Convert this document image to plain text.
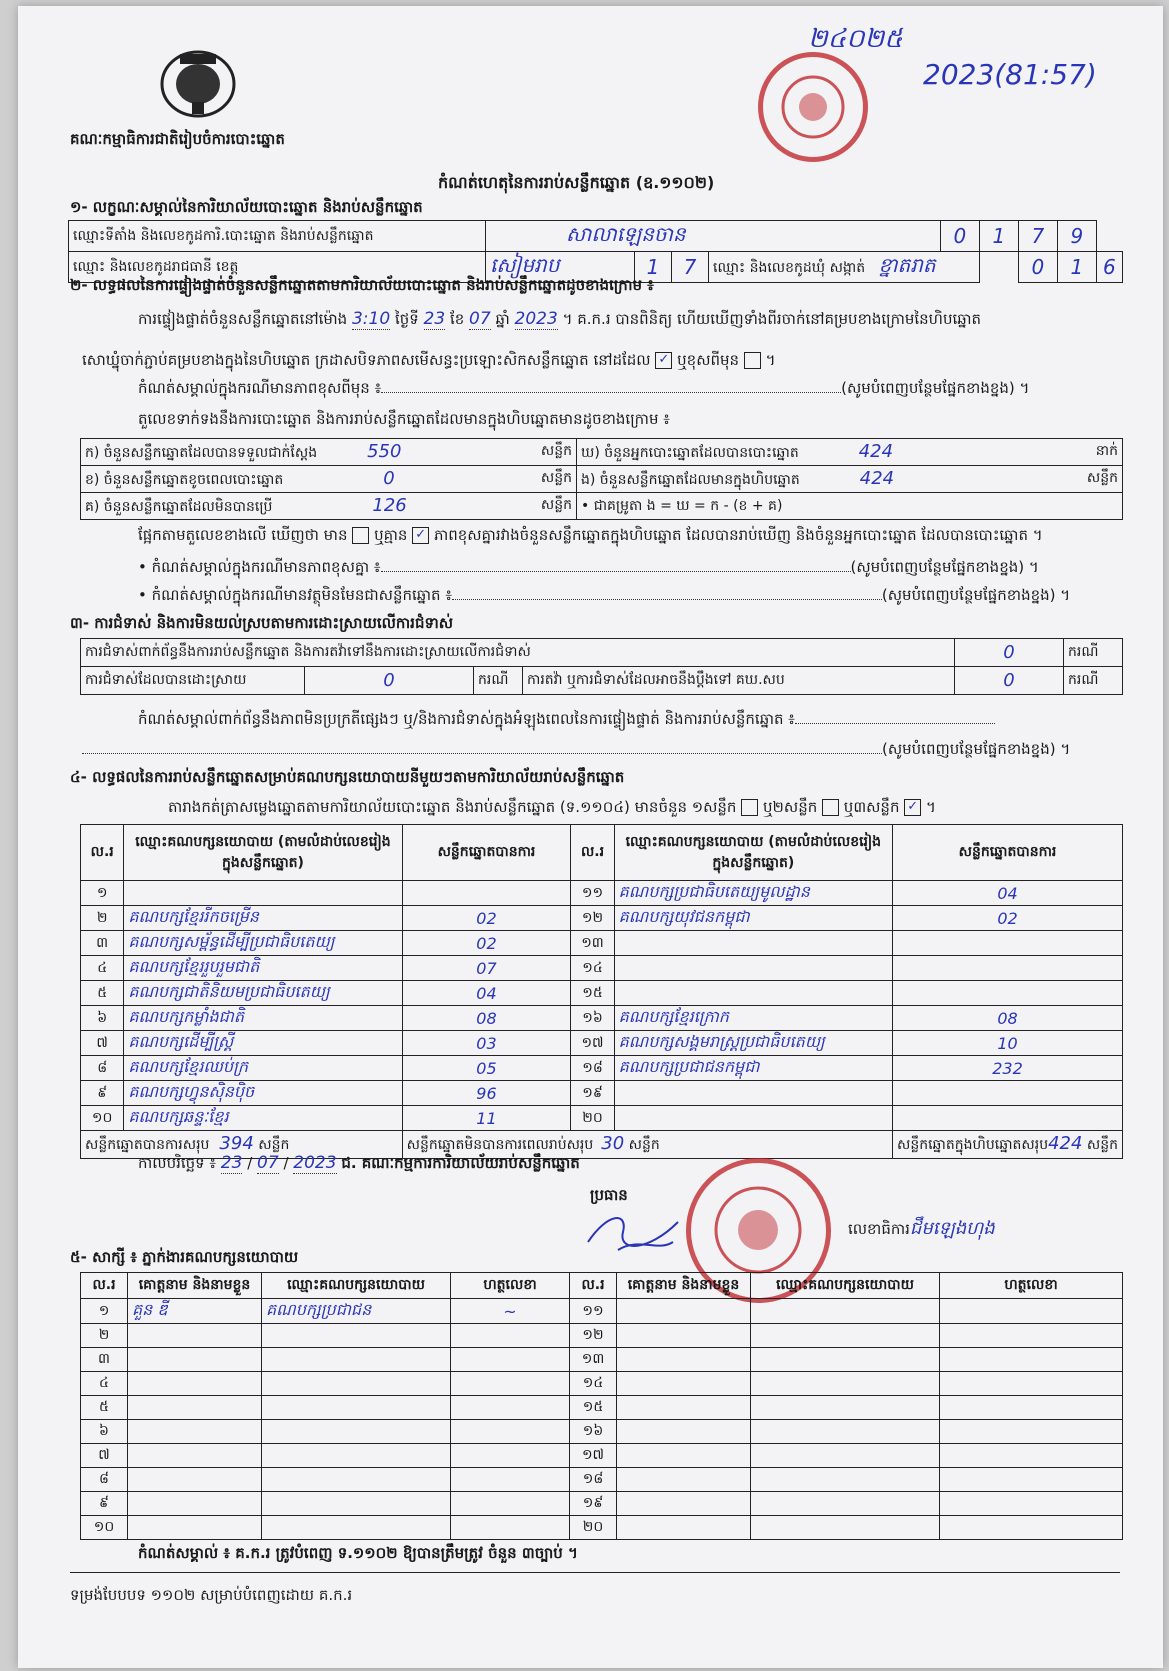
គណៈកម្មាធិការជាតិរៀបចំការបោះឆ្នោត
២៤០២៥
2023(81:57)
កំណត់ហេតុនៃការរាប់សន្លឹកឆ្នោត (ឧ.១១០២)
១- លក្ខណៈសម្គាល់នៃការិយាល័យបោះឆ្នោត និងរាប់សន្លឹកឆ្នោត
ឈ្មោះទីតាំង និងលេខកូដការិ.បោះឆ្នោត និងរាប់សន្លឹកឆ្នោត	សាលាឡេនចាន				0	1	7	9	
ឈ្មោះ និងលេខកូដរាជធានី ខេត្ត	សៀមរាប	1	7	ឈ្មោះ និងលេខកូដឃុំ សង្កាត់ ខ្នាតរាត			0	1	6
២- លទ្ធផលនៃការផ្ទៀងផ្ទាត់ចំនួនសន្លឹកឆ្នោតតាមការិយាល័យបោះឆ្នោត និងរាប់សន្លឹកឆ្នោតដូចខាងក្រោម ៖
ការផ្ទៀងផ្ទាត់ចំនួនសន្លឹកឆ្នោតនៅម៉ោង 3:10 ថ្ងៃទី 23 ខែ 07 ឆ្នាំ 2023 ។ គ.ក.រ បានពិនិត្យ ហើយឃើញទាំងពីរចាក់នៅគម្របខាងក្រោមនៃហិបឆ្នោត
សោឃ្នុំចាក់ភ្ជាប់គម្របខាងក្នុងនៃហិបឆ្នោត ក្រដាសបិទភាពសមើសន្ធះប្រឡោះសិកសន្លឹកឆ្នោត នៅដដែល ✓ ឬខុសពីមុន  ។
កំណត់សម្គាល់ក្នុងករណីមានភាពខុសពីមុន ៖	(សូមបំពេញបន្ថែមផ្នែកខាងខ្នង) ។
តួលេខទាក់ទងនឹងការបោះឆ្នោត និងការរាប់សន្លឹកឆ្នោតដែលមានក្នុងហិបឆ្នោតមានដូចខាងក្រោម ៖
ក) ចំនួនសន្លឹកឆ្នោតដែលបានទទួលជាក់ស្តែង 550 សន្លឹក	ឃ) ចំនួនអ្នកបោះឆ្នោតដែលបានបោះឆ្នោត 424 នាក់

ខ) ចំនួនសន្លឹកឆ្នោតខូចពេលបោះឆ្នោត 0 សន្លឹក	ង) ចំនួនសន្លឹកឆ្នោតដែលមានក្នុងហិបឆ្នោត 424 សន្លឹក

គ) ចំនួនសន្លឹកឆ្នោតដែលមិនបានប្រើ 126 សន្លឹក	• ជាគម្រូតា ង = ឃ = ក - (ខ + គ)
ផ្អែកតាមតួលេខខាងលើ ឃើញថា មាន ឬគ្មាន ✓ ភាពខុសគ្នារវាងចំនួនសន្លឹកឆ្នោតក្នុងហិបឆ្នោត ដែលបានរាប់ឃើញ និងចំនួនអ្នកបោះឆ្នោត ដែលបានបោះឆ្នោត ។
• កំណត់សម្គាល់ក្នុងករណីមានភាពខុសគ្នា ៖	(សូមបំពេញបន្ថែមផ្នែកខាងខ្នង) ។
• កំណត់សម្គាល់ក្នុងករណីមានវត្ថុមិនមែនជាសន្លឹកឆ្នោត ៖	(សូមបំពេញបន្ថែមផ្នែកខាងខ្នង) ។
៣- ការជំទាស់ និងការមិនយល់ស្របតាមការដោះស្រាយលើការជំទាស់
ការជំទាស់ពាក់ព័ន្ធនឹងការរាប់សន្លឹកឆ្នោត និងការតវ៉ាទៅនឹងការដោះស្រាយលើការជំទាស់				0	ករណី
ការជំទាស់ដែលបានដោះស្រាយ	0	ករណី	ការតវ៉ា ឬការជំទាស់ដែលអាចនឹងប្តឹងទៅ គឃ.សប	0	ករណី
កំណត់សម្គាល់ពាក់ព័ន្ធនឹងភាពមិនប្រក្រតីផ្សេងៗ ឬ/និងការជំទាស់ក្នុងអំឡុងពេលនៃការផ្ទៀងផ្ទាត់ និងការរាប់សន្លឹកឆ្នោត ៖
(សូមបំពេញបន្ថែមផ្នែកខាងខ្នង) ។
៤- លទ្ធផលនៃការរាប់សន្លឹកឆ្នោតសម្រាប់គណបក្សនយោបាយនីមួយៗតាមការិយាល័យរាប់សន្លឹកឆ្នោត
តារាងកត់ត្រាសម្លេងឆ្នោតតាមការិយាល័យបោះឆ្នោត និងរាប់សន្លឹកឆ្នោត (ទ.១១០៤) មានចំនួន ១សន្លឹក ឬ២សន្លឹក ឬ៣សន្លឹក ✓ ។
ល.រ	ឈ្មោះគណបក្សនយោបាយ (តាមលំដាប់លេខរៀងក្នុងសន្លឹកឆ្នោត)	សន្លឹកឆ្នោតបានការ	ល.រ	ឈ្មោះគណបក្សនយោបាយ (តាមលំដាប់លេខរៀងក្នុងសន្លឹកឆ្នោត)	សន្លឹកឆ្នោតបានការ
១			១១	គណបក្សប្រជាធិបតេយ្យមូលដ្ឋាន	04
២	គណបក្សខ្មែររីកចម្រើន	02	១២	គណបក្សយុវជនកម្ពុជា	02
៣	គណបក្សសម្ព័ន្ធដើម្បីប្រជាធិបតេយ្យ	02	១៣		
៤	គណបក្សខ្មែររួបរួមជាតិ	07	១៤		
៥	គណបក្សជាតិនិយមប្រជាធិបតេយ្យ	04	១៥		
៦	គណបក្សកម្លាំងជាតិ	08	១៦	គណបក្សខ្មែរក្រោក	08
៧	គណបក្សដើម្បីស្ត្រី	03	១៧	គណបក្សសង្គមរាស្ត្រប្រជាធិបតេយ្យ	10
៨	គណបក្សខ្មែរឈប់ក្រ	05	១៨	គណបក្សប្រជាជនកម្ពុជា	232
៩	គណបក្សហ្វុនស៊ិនប៉ិច	96	១៩		
១០	គណបក្សឆន្ទៈខ្មែរ	11	២០		
សន្លឹកឆ្នោតបានការសរុប 394 សន្លឹក		សន្លឹកឆ្នោតមិនបានការពេលរាប់សរុប 30 សន្លឹក			សន្លឹកឆ្នោតក្នុងហិបឆ្នោតសរុប424 សន្លឹក
កាលបរិច្ឆេទ ៖ 23 / 07 / 2023 ជ. គណៈកម្មការការិយាល័យរាប់សន្លឹកឆ្នោត
ប្រធាន
លេខាធិការជឹមឡេងហុង
៥- សាក្សី ៖ ភ្នាក់ងារគណបក្សនយោបាយ
ល.រ	គោត្តនាម និងនាមខ្លួន	ឈ្មោះគណបក្សនយោបាយ	ហត្ថលេខា	ល.រ	គោត្តនាម និងនាមខ្លួន	ឈ្មោះគណបក្សនយោបាយ	ហត្ថលេខា
១	គួន ឌី	គណបក្សប្រជាជន	~	១១			
២				១២			
៣				១៣			
៤				១៤			
៥				១៥			
៦				១៦			
៧				១៧			
៨				១៨			
៩				១៩			
១០				២០			
កំណត់សម្គាល់ ៖ គ.ក.រ ត្រូវបំពេញ ទ.១១០២ ឱ្យបានត្រឹមត្រូវ ចំនួន ៣ច្បាប់ ។
ទម្រង់បែបបទ ១១០២ សម្រាប់បំពេញដោយ គ.ក.រ
